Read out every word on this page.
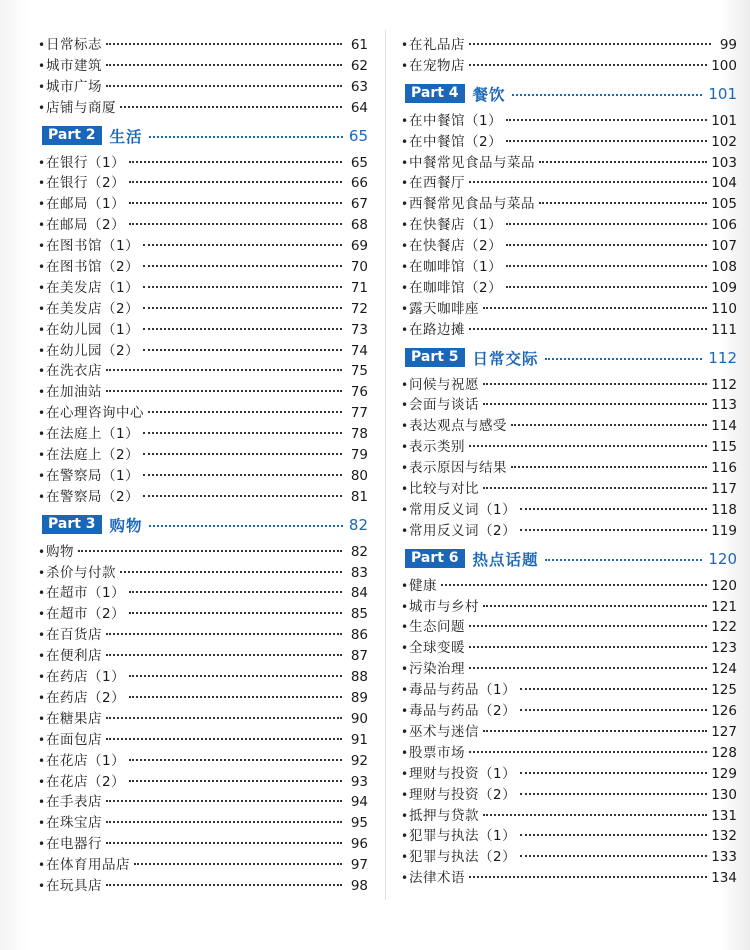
• 日常标志	61
• 城市建筑	62
• 城市广场	63
• 店铺与商厦	64
Part 2 生活	65
• 在银行（1）	65
• 在银行（2）	66
• 在邮局（1）	67
• 在邮局（2）	68
• 在图书馆（1）	69
• 在图书馆（2）	70
• 在美发店（1）	71
• 在美发店（2）	72
• 在幼儿园（1）	73
• 在幼儿园（2）	74
• 在洗衣店	75
• 在加油站	76
• 在心理咨询中心	77
• 在法庭上（1）	78
• 在法庭上（2）	79
• 在警察局（1）	80
• 在警察局（2）	81
Part 3 购物	82
• 购物	82
• 杀价与付款	83
• 在超市（1）	84
• 在超市（2）	85
• 在百货店	86
• 在便利店	87
• 在药店（1）	88
• 在药店（2）	89
• 在糖果店	90
• 在面包店	91
• 在花店（1）	92
• 在花店（2）	93
• 在手表店	94
• 在珠宝店	95
• 在电器行	96
• 在体育用品店	97
• 在玩具店	98
• 在礼品店	99
• 在宠物店	100
Part 4 餐饮	101
• 在中餐馆（1）	101
• 在中餐馆（2）	102
• 中餐常见食品与菜品	103
• 在西餐厅	104
• 西餐常见食品与菜品	105
• 在快餐店（1）	106
• 在快餐店（2）	107
• 在咖啡馆（1）	108
• 在咖啡馆（2）	109
• 露天咖啡座	110
• 在路边摊	111
Part 5 日常交际	112
• 问候与祝愿	112
• 会面与谈话	113
• 表达观点与感受	114
• 表示类别	115
• 表示原因与结果	116
• 比较与对比	117
• 常用反义词（1）	118
• 常用反义词（2）	119
Part 6 热点话题	120
• 健康	120
• 城市与乡村	121
• 生态问题	122
• 全球变暖	123
• 污染治理	124
• 毒品与药品（1）	125
• 毒品与药品（2）	126
• 巫术与迷信	127
• 股票市场	128
• 理财与投资（1）	129
• 理财与投资（2）	130
• 抵押与贷款	131
• 犯罪与执法（1）	132
• 犯罪与执法（2）	133
• 法律术语	134
